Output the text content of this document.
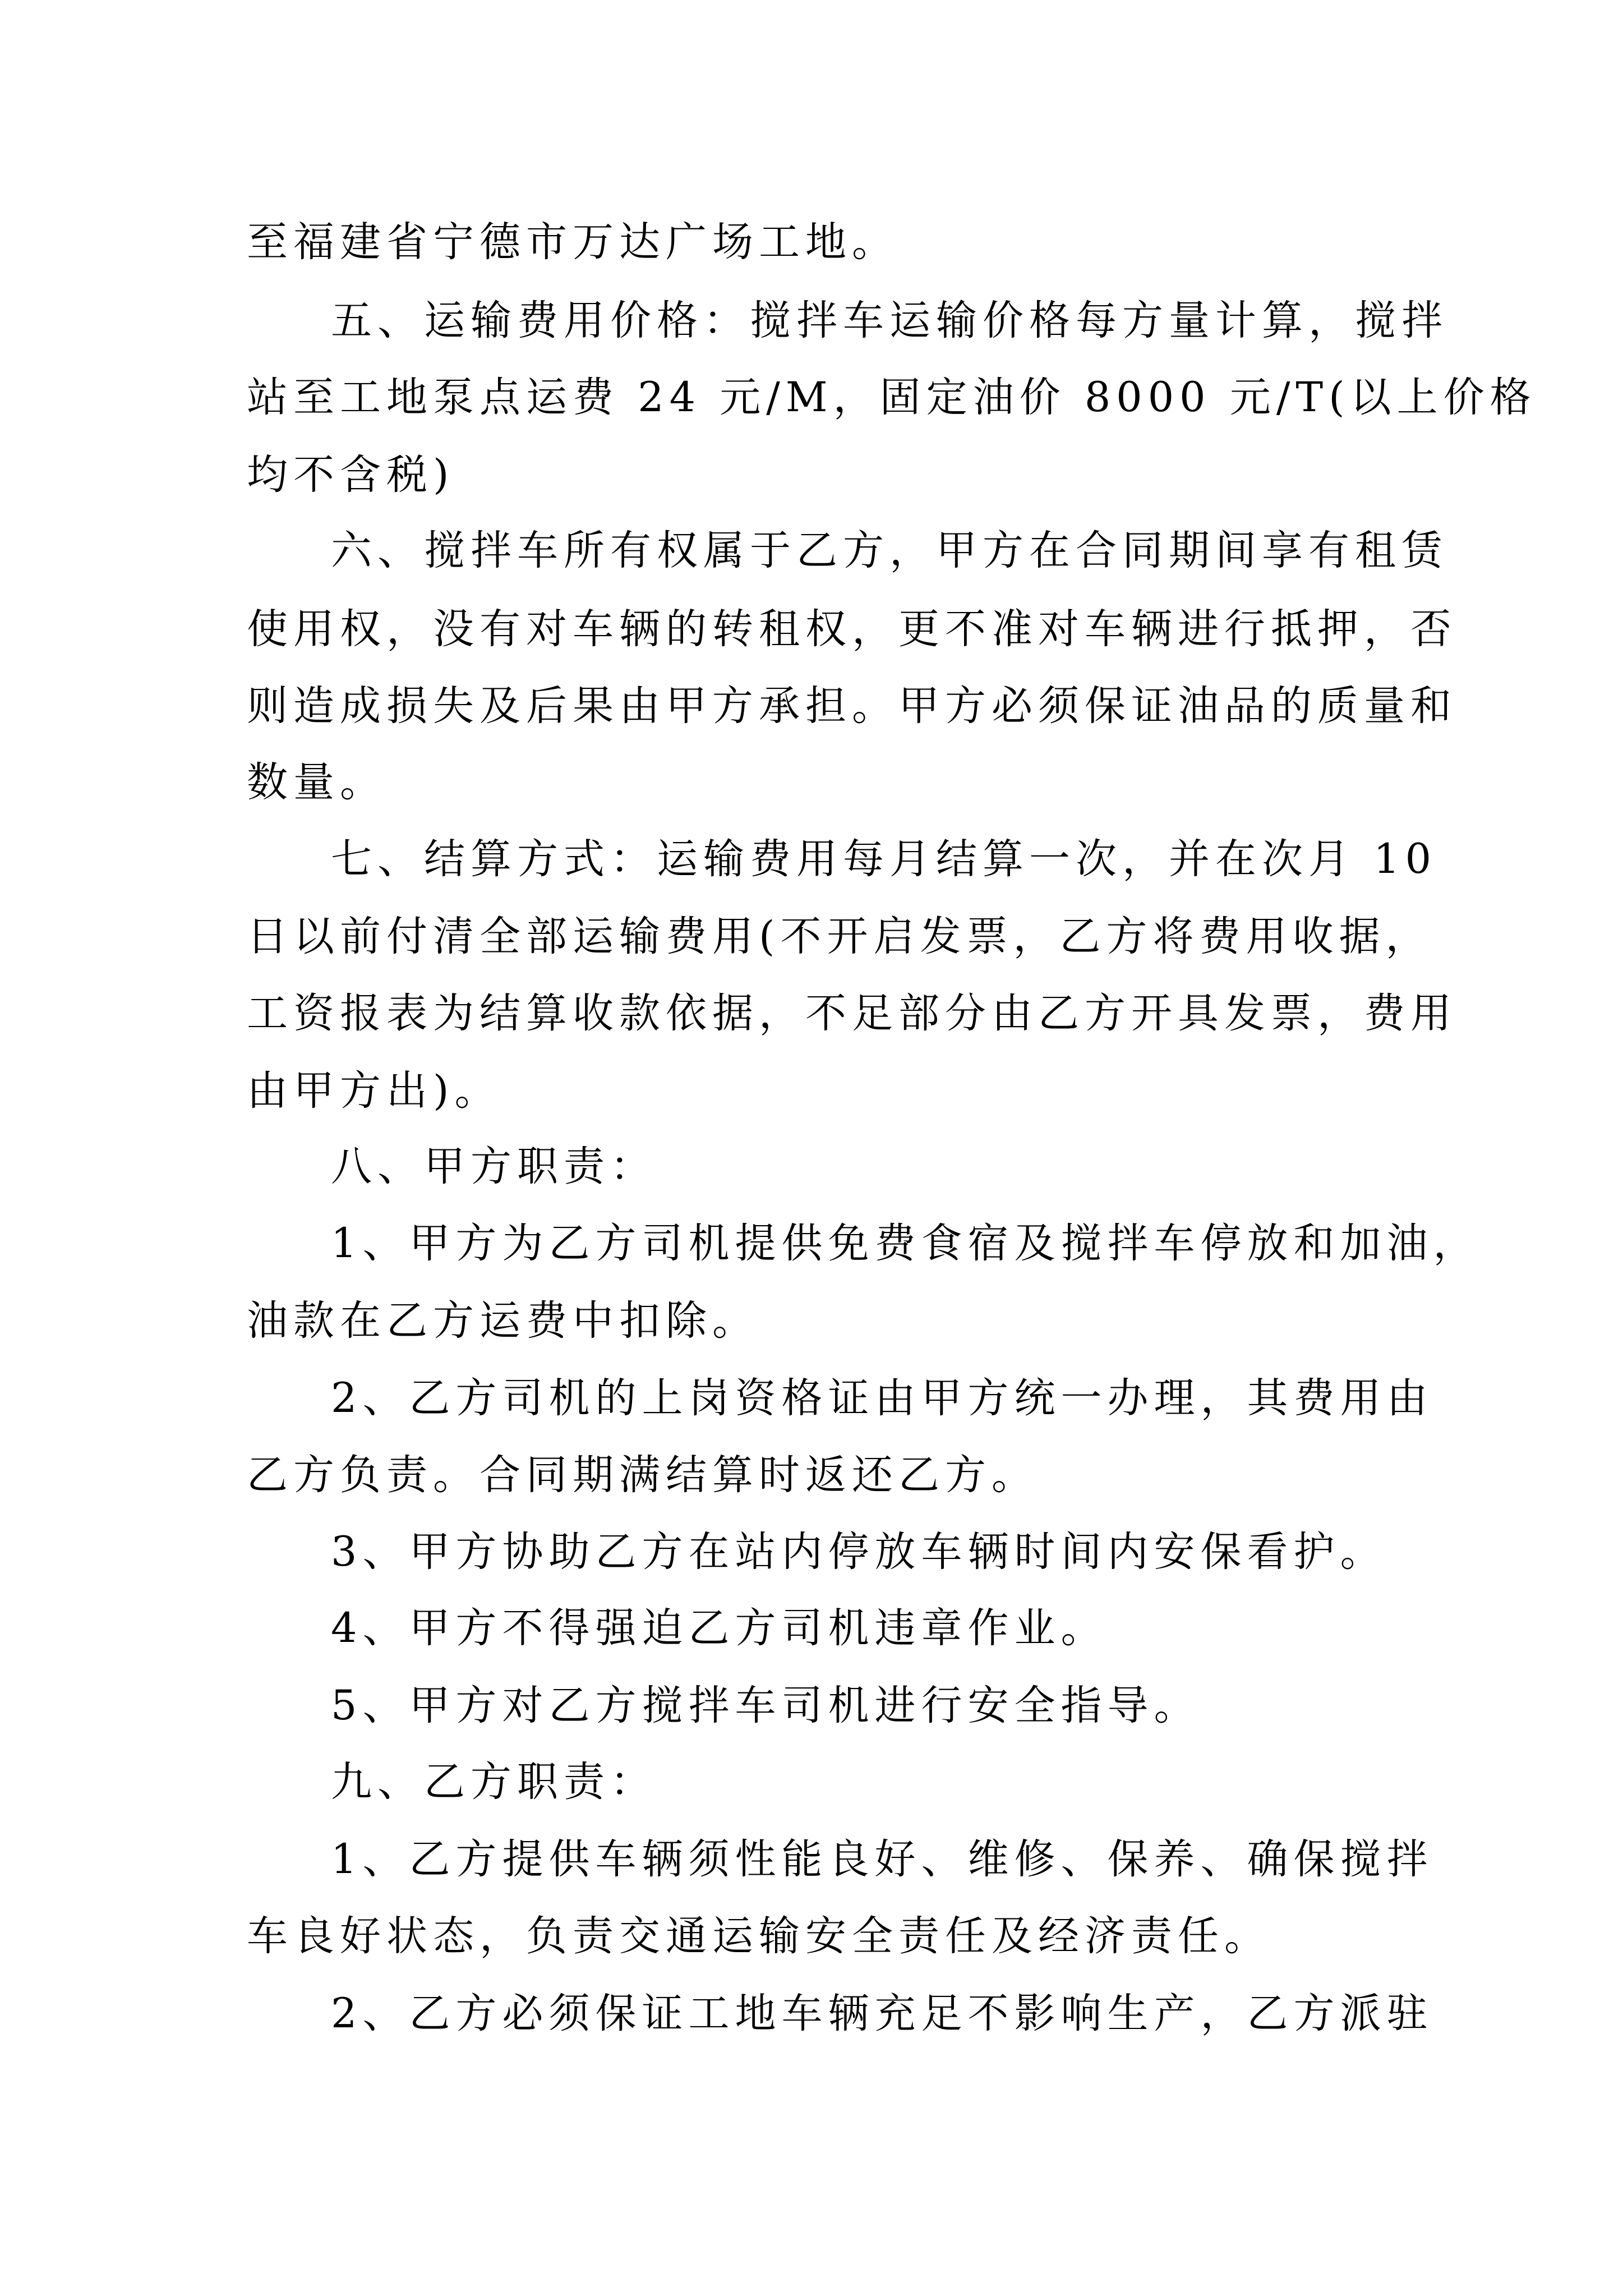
至福建省宁德市万达广场工地。
五、运输费用价格：搅拌车运输价格每方量计算，搅拌
站至工地泵点运费 24 元/M，固定油价 8000 元/T(以上价格
均不含税)
六、搅拌车所有权属于乙方，甲方在合同期间享有租赁
使用权，没有对车辆的转租权，更不准对车辆进行抵押，否
则造成损失及后果由甲方承担。甲方必须保证油品的质量和
数量。
七、结算方式：运输费用每月结算一次，并在次月 10
日以前付清全部运输费用(不开启发票，乙方将费用收据，
工资报表为结算收款依据，不足部分由乙方开具发票，费用
由甲方出)。
八、甲方职责：
1、甲方为乙方司机提供免费食宿及搅拌车停放和加油，
油款在乙方运费中扣除。
2、乙方司机的上岗资格证由甲方统一办理，其费用由
乙方负责。合同期满结算时返还乙方。
3、甲方协助乙方在站内停放车辆时间内安保看护。
4、甲方不得强迫乙方司机违章作业。
5、甲方对乙方搅拌车司机进行安全指导。
九、乙方职责：
1、乙方提供车辆须性能良好、维修、保养、确保搅拌
车良好状态，负责交通运输安全责任及经济责任。
2、乙方必须保证工地车辆充足不影响生产，乙方派驻
